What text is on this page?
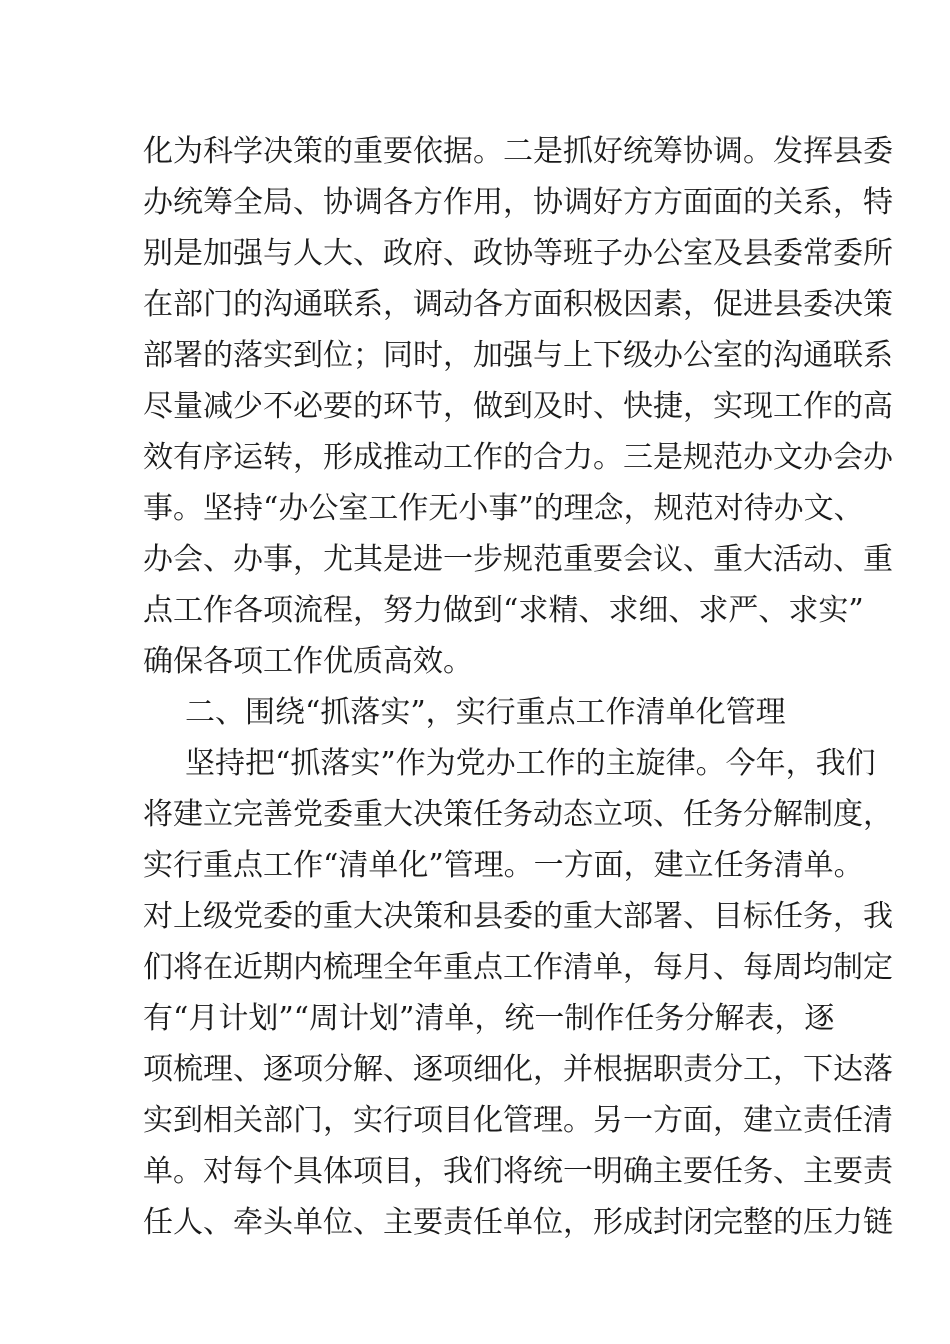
化为科学决策的重要依据。二是抓好统筹协调。发挥县委
办统筹全局、协调各方作用，协调好方方面面的关系，特
别是加强与人大、政府、政协等班子办公室及县委常委所
在部门的沟通联系，调动各方面积极因素，促进县委决策
部署的落实到位；同时，加强与上下级办公室的沟通联系
尽量减少不必要的环节，做到及时、快捷，实现工作的高
效有序运转，形成推动工作的合力。三是规范办文办会办
事。坚持“办公室工作无小事”的理念，规范对待办文、
办会、办事，尤其是进一步规范重要会议、重大活动、重
点工作各项流程，努力做到“求精、求细、求严、求实”
确保各项工作优质高效。
二、围绕“抓落实”，实行重点工作清单化管理
坚持把“抓落实”作为党办工作的主旋律。今年，我们
将建立完善党委重大决策任务动态立项、任务分解制度，
实行重点工作“清单化”管理。一方面，建立任务清单。
对上级党委的重大决策和县委的重大部署、目标任务，我
们将在近期内梳理全年重点工作清单，每月、每周均制定
有“月计划”“周计划”清单，统一制作任务分解表，逐
项梳理、逐项分解、逐项细化，并根据职责分工，下达落
实到相关部门，实行项目化管理。另一方面，建立责任清
单。对每个具体项目，我们将统一明确主要任务、主要责
任人、牵头单位、主要责任单位，形成封闭完整的压力链
